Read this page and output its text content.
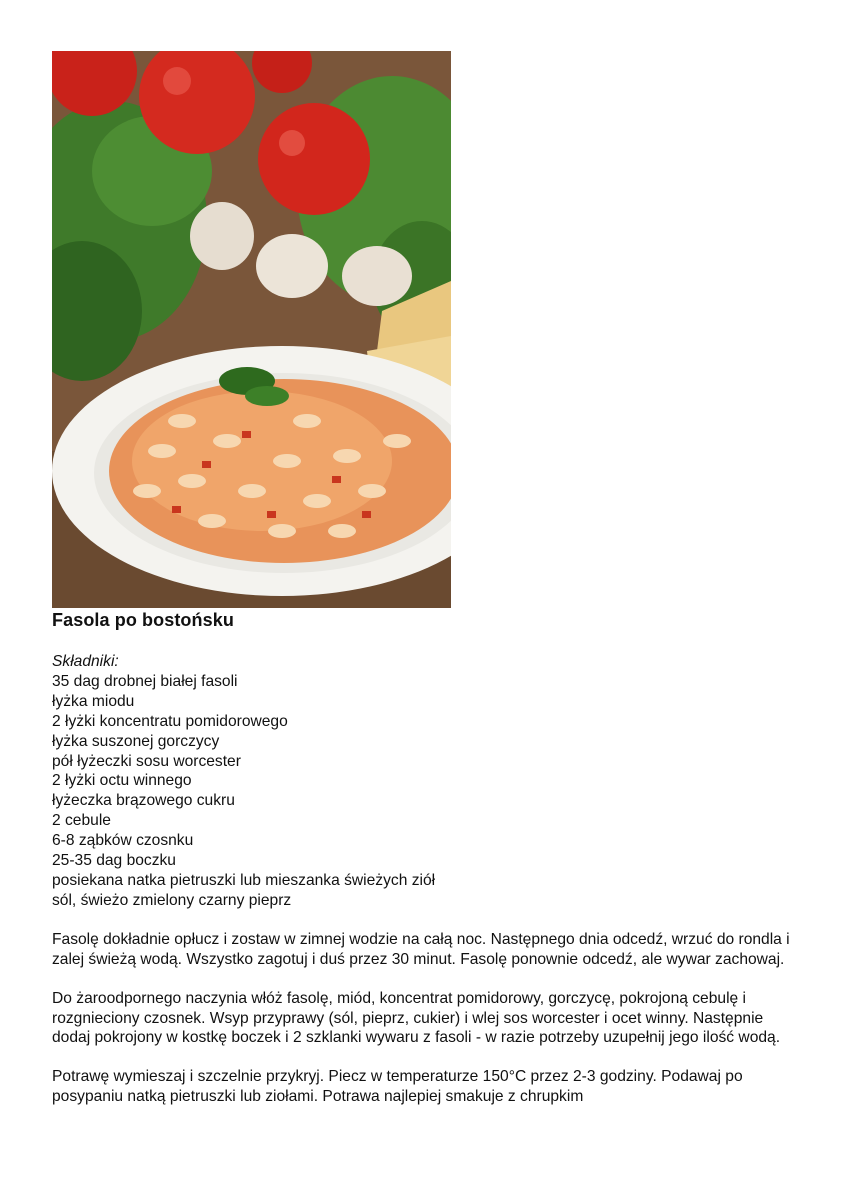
Fasola po bostońsku
Składniki:
35 dag drobnej białej fasoli
łyżka miodu
2 łyżki koncentratu pomidorowego
łyżka suszonej gorczycy
pół łyżeczki sosu worcester
2 łyżki octu winnego
łyżeczka brązowego cukru
2 cebule
6-8 ząbków czosnku
25-35 dag boczku
posiekana natka pietruszki lub mieszanka świeżych ziół
sól, świeżo zmielony czarny pieprz

Fasolę dokładnie opłucz i zostaw w zimnej wodzie na całą noc. Następnego dnia odcedź, wrzuć do rondla i zalej świeżą wodą. Wszystko zagotuj i duś przez 30 minut. Fasolę ponownie odcedź, ale wywar zachowaj.

Do żaroodpornego naczynia włóż fasolę, miód, koncentrat pomidorowy, gorczycę, pokrojoną cebulę i rozgnieciony czosnek. Wsyp przyprawy (sól, pieprz, cukier) i wlej sos worcester i ocet winny. Następnie dodaj pokrojony w kostkę boczek i 2 szklanki wywaru z fasoli - w razie potrzeby uzupełnij jego ilość wodą.

Potrawę wymieszaj i szczelnie przykryj. Piecz w temperaturze 150°C przez 2-3 godziny. Podawaj po posypaniu natką pietruszki lub ziołami. Potrawa najlepiej smakuje z chrupkim
